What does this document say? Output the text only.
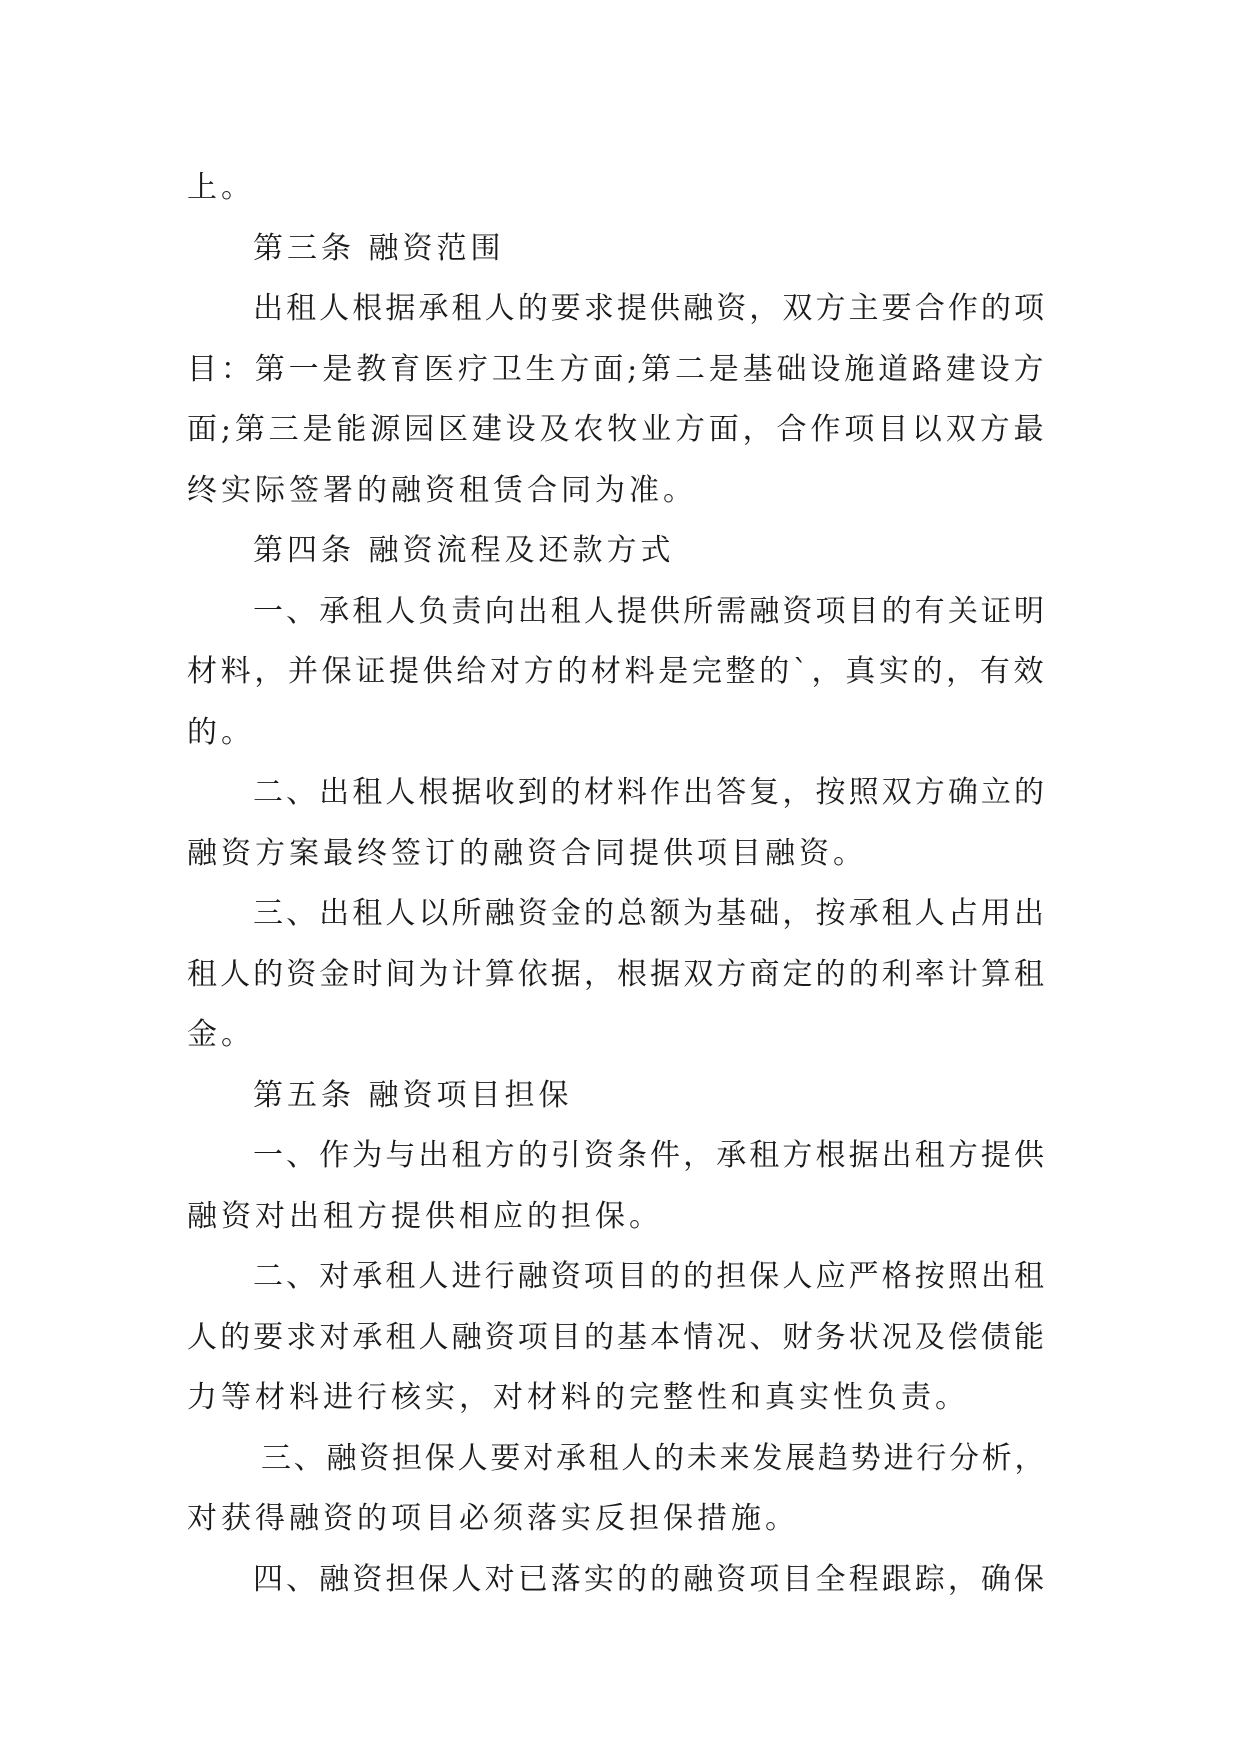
上。
第三条 融资范围
出租人根据承租人的要求提供融资，双方主要合作的项
目：第一是教育医疗卫生方面;第二是基础设施道路建设方
面;第三是能源园区建设及农牧业方面，合作项目以双方最
终实际签署的融资租赁合同为准。
第四条 融资流程及还款方式
一、承租人负责向出租人提供所需融资项目的有关证明
材料，并保证提供给对方的材料是完整的`，真实的，有效
的。
二、出租人根据收到的材料作出答复，按照双方确立的
融资方案最终签订的融资合同提供项目融资。
三、出租人以所融资金的总额为基础，按承租人占用出
租人的资金时间为计算依据，根据双方商定的的利率计算租
金。
第五条 融资项目担保
一、作为与出租方的引资条件，承租方根据出租方提供
融资对出租方提供相应的担保。
二、对承租人进行融资项目的的担保人应严格按照出租
人的要求对承租人融资项目的基本情况、财务状况及偿债能
力等材料进行核实，对材料的完整性和真实性负责。
三、融资担保人要对承租人的未来发展趋势进行分析，
对获得融资的项目必须落实反担保措施。
四、融资担保人对已落实的的融资项目全程跟踪，确保
